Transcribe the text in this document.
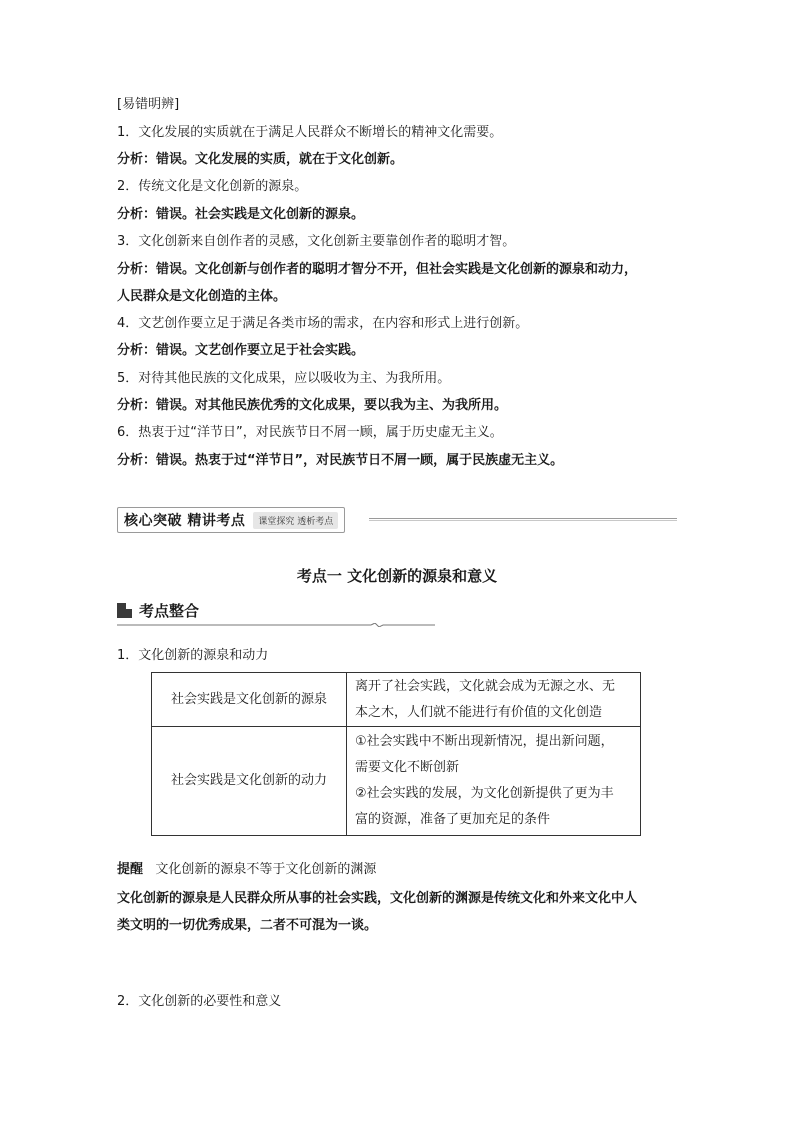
[易错明辨]
1．文化发展的实质就在于满足人民群众不断增长的精神文化需要。
分析：错误。文化发展的实质，就在于文化创新。
2．传统文化是文化创新的源泉。
分析：错误。社会实践是文化创新的源泉。
3．文化创新来自创作者的灵感，文化创新主要靠创作者的聪明才智。
分析：错误。文化创新与创作者的聪明才智分不开，但社会实践是文化创新的源泉和动力，
人民群众是文化创造的主体。
4．文艺创作要立足于满足各类市场的需求，在内容和形式上进行创新。
分析：错误。文艺创作要立足于社会实践。
5．对待其他民族的文化成果，应以吸收为主、为我所用。
分析：错误。对其他民族优秀的文化成果，要以我为主、为我所用。
6．热衷于过“洋节日”，对民族节日不屑一顾，属于历史虚无主义。
分析：错误。热衷于过“洋节日”，对民族节日不屑一顾，属于民族虚无主义。
核心突破 精讲考点	课堂探究 透析考点
考点一 文化创新的源泉和意义
考点整合
1．文化创新的源泉和动力
社会实践是文化创新的源泉	离开了社会实践，文化就会成为无源之水、无
本之木，人们就不能进行有价值的文化创造

社会实践是文化创新的动力	①社会实践中不断出现新情况，提出新问题，
需要文化不断创新
②社会实践的发展，为文化创新提供了更为丰
富的资源，准备了更加充足的条件
提醒 文化创新的源泉不等于文化创新的渊源
文化创新的源泉是人民群众所从事的社会实践，文化创新的渊源是传统文化和外来文化中人
类文明的一切优秀成果，二者不可混为一谈。
2．文化创新的必要性和意义
